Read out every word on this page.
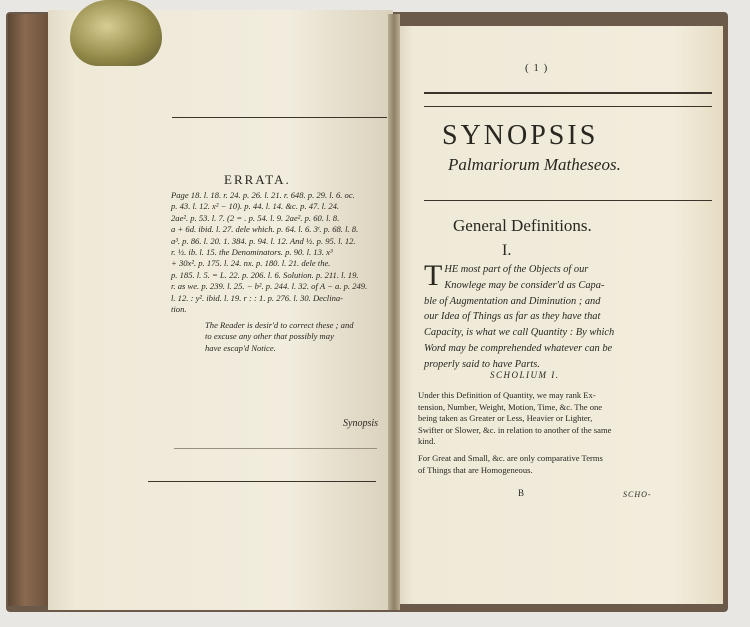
ERRATA.
Page 18. l. 18. r. 24. p. 26. l. 21. r. 648. p. 29. l. 6. oc.
p. 43. l. 12. x² − 10). p. 44. l. 14. &c. p. 47. l. 24.
2ae². p. 53. l. 7. (2 = . p. 54. l. 9. 2ae². p. 60. l. 8.
a + 6d. ibid. l. 27. dele which. p. 64. l. 6. 3ᵗ. p. 68. l. 8.
a³. p. 86. l. 20. 1. 384. p. 94. l. 12. And ½. p. 95. l. 12.
r. ½. ib. l. 15. the Denominators. p. 90. l. 13. x³
+ 30x². p. 175. l. 24. nx. p. 180. l. 21. dele the.
p. 185. l. 5. = L. 22. p. 206. l. 6. Solution. p. 211. l. 19.
r. as we. p. 239. l. 25. − b². p. 244. l. 32. of A − a. p. 249.
l. 12. : y². ibid. l. 19. r : : 1. p. 276. l. 30. Declina-
tion.
The Reader is desir'd to correct these ; and
to excuse any other that possibly may
have escap'd Notice.
Synopsis
( 1 )
SYNOPSIS
Palmariorum Matheseos.
General Definitions.
I.
T HE most part of the Objects of our
Knowlege may be consider'd as Capa-
ble of Augmentation and Diminution ; and
our Idea of Things as far as they have that
Capacity, is what we call Quantity : By which
Word may be comprehended whatever can be
properly said to have Parts.
SCHOLIUM I.
Under this Definition of Quantity, we may rank Ex-
tension, Number, Weight, Motion, Time, &c. The one
being taken as Greater or Less, Heavier or Lighter,
Swifter or Slower, &c. in relation to another of the same
kind.
For Great and Small, &c. are only comparative Terms
of Things that are Homogeneous.
B	SCHO-
